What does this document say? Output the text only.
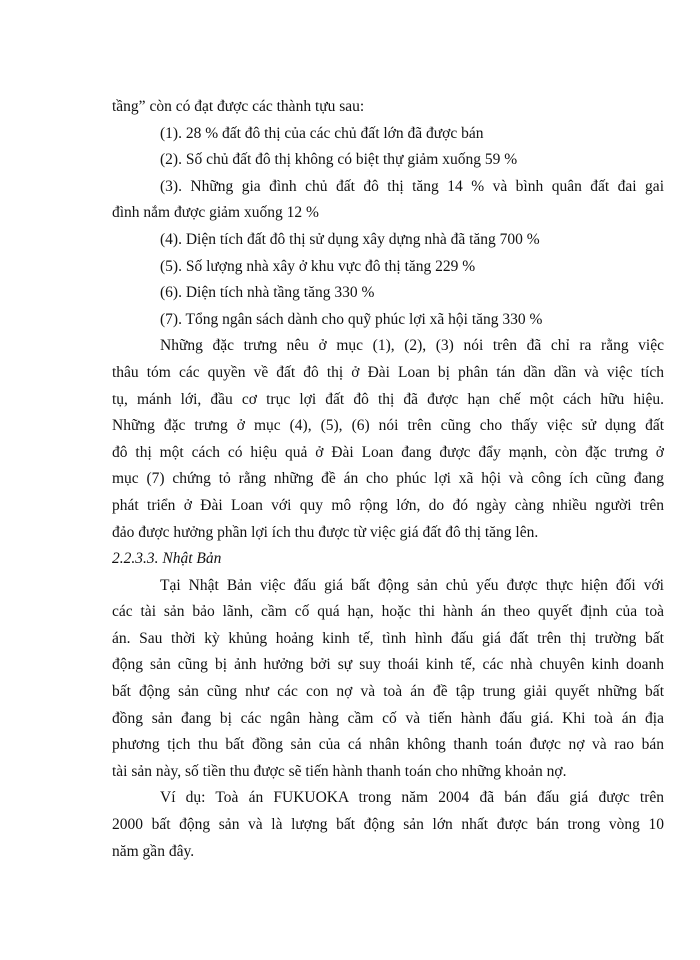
tầng” còn có đạt được các thành tựu sau:
(1). 28 % đất đô thị của các chủ đất lớn đã được bán
(2). Số chủ đất đô thị không có biệt thự giảm xuống 59 %
(3). Những gia đình chủ đất đô thị tăng 14 % và bình quân đất đai gai
đình nắm được giảm xuống 12 %
(4). Diện tích đất đô thị sử dụng xây dựng nhà đã tăng 700 %
(5). Số lượng nhà xây ở khu vực đô thị tăng 229 %
(6). Diện tích nhà tầng tăng 330 %
(7). Tổng ngân sách dành cho quỹ phúc lợi xã hội tăng 330 %
Những đặc trưng nêu ở mục (1), (2), (3) nói trên đã chỉ ra rằng việc
thâu tóm các quyền về đất đô thị ở Đài Loan bị phân tán dần dần và việc tích
tụ, mánh lới, đầu cơ trục lợi đất đô thị đã được hạn chế một cách hữu hiệu.
Những đặc trưng ở mục (4), (5), (6) nói trên cũng cho thấy việc sử dụng đất
đô thị một cách có hiệu quả ở Đài Loan đang được đẩy mạnh, còn đặc trưng ở
mục (7) chứng tỏ rằng những đề án cho phúc lợi xã hội và công ích cũng đang
phát triển ở Đài Loan với quy mô rộng lớn, do đó ngày càng nhiều người trên
đảo được hưởng phần lợi ích thu được từ việc giá đất đô thị tăng lên.
2.2.3.3. Nhật Bản
Tại Nhật Bản việc đấu giá bất động sản chủ yếu được thực hiện đối với
các tài sản bảo lãnh, cầm cố quá hạn, hoặc thi hành án theo quyết định của toà
án. Sau thời kỳ khủng hoảng kinh tế, tình hình đấu giá đất trên thị trường bất
động sản cũng bị ảnh hưởng bởi sự suy thoái kinh tế, các nhà chuyên kinh doanh
bất động sản cũng như các con nợ và toà án đề tập trung giải quyết những bất
đồng sản đang bị các ngân hàng cầm cố và tiến hành đấu giá. Khi toà án địa
phương tịch thu bất đồng sản của cá nhân không thanh toán được nợ và rao bán
tài sản này, số tiền thu được sẽ tiến hành thanh toán cho những khoản nợ.
Ví dụ: Toà án FUKUOKA trong năm 2004 đã bán đấu giá được trên
2000 bất động sản và là lượng bất động sản lớn nhất được bán trong vòng 10
năm gần đây.
